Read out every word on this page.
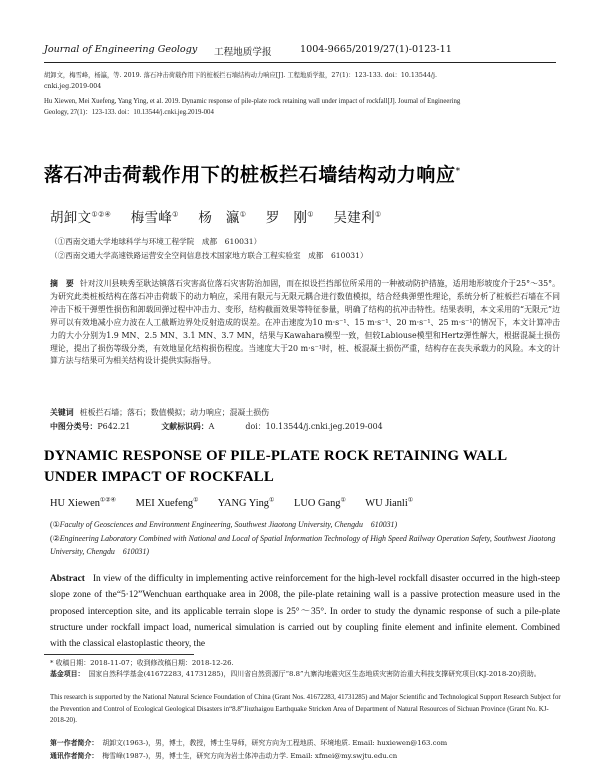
Journal of Engineering Geology 工程地质学报	1004-9665/2019/27(1)-0123-11
胡卸文，梅雪峰，杨瀛，等. 2019. 落石冲击荷载作用下的桩板拦石墙结构动力响应[J]. 工程地质学报，27(1)：123-133. doi：10.13544/j.
cnki.jeg.2019-004
Hu Xiewen, Mei Xuefeng, Yang Ying, et al. 2019. Dynamic response of pile-plate rock retaining wall under impact of rockfall[J]. Journal of Engineering
Geology, 27(1)：123-133. doi：10.13544/j.cnki.jeg.2019-004
落石冲击荷载作用下的桩板拦石墙结构动力响应*
胡卸文①②④ 梅雪峰① 杨　瀛① 罗　刚① 吴建利①
（①西南交通大学地球科学与环境工程学院　成都　610031）
（②西南交通大学高速铁路运营安全空间信息技术国家地方联合工程实验室　成都　610031）
摘　要 针对汶川县映秀至耿达镇落石灾害高位落石灾害防治加固，而在拟设拦挡部位所采用的一种被动防护措施，适用地形坡度介于25°～35°。为研究此类桩板结构在落石冲击荷载下的动力响应，采用有限元与无限元耦合进行数值模拟，结合经典弹塑性理论，系统分析了桩板拦石墙在不同冲击下板干弹塑性损伤和卸载回弹过程中冲击力、变形，结构截面效果等特征参量，明确了结构的抗冲击特性。结果表明，本文采用的“无限元”边界可以有效地减小应力波在人工截断边界处反射造成的误差。在冲击速度为10 m·s⁻¹、15 m·s⁻¹、20 m·s⁻¹、25 m·s⁻¹的情况下，本文计算冲击力的大小分别为1.9 MN、2.5 MN、3.1 MN、3.7 MN，结果与Kawahara模型一致，但较Labiouse模型和Hertz弹性解大，根据混凝土损伤理论，提出了损伤等级分类，有效地显化结构损伤程度。当速度大于20 m·s⁻¹时，桩、板混凝土损伤严重，结构存在丧失承载力的风险。本文的计算方法与结果可为相关结构设计提供实际指导。
关键词 桩板拦石墙；落石；数值模拟；动力响应；混凝土损伤
中图分类号：P642.21	文献标识码：A	doi：10.13544/j.cnki.jeg.2019-004
DYNAMIC RESPONSE OF PILE-PLATE ROCK RETAINING WALL UNDER IMPACT OF ROCKFALL
HU Xiewen①②④ MEI Xuefeng① YANG Ying① LUO Gang① WU Jianli①
(①Faculty of Geosciences and Environment Engineering, Southwest Jiaotong University, Chengdu　610031)
(②Engineering Laboratory Combined with National and Local of Spatial Information Technology of High Speed Railway Operation Safety, Southwest Jiaotong University, Chengdu　610031)
Abstract In view of the difficulty in implementing active reinforcement for the high-level rockfall disaster occurred in the high-steep slope zone of the“5·12”Wenchuan earthquake area in 2008, the pile-plate retaining wall is a passive protection measure used in the proposed interception site, and its applicable terrain slope is 25°～35°. In order to study the dynamic response of such a pile-plate structure under rockfall impact load, numerical simulation is carried out by coupling finite element and infinite element. Combined with the classical elastoplastic theory, the
* 收稿日期：2018-11-07；收到修改稿日期：2018-12-26.
基金项目： 国家自然科学基金(41672283, 41731285)，四川省自然资源厅“8.8”九寨沟地震灾区生态地质灾害防治重大科技支撑研究项目(KJ-2018-20)资助。
This research is supported by the National Natural Science Foundation of China (Grant Nos. 41672283, 41731285) and Major Scientific and Technological Support Research Subject for the Prevention and Control of Ecological Geological Disasters in“8.8”Jiuzhaigou Earthquake Stricken Area of Department of Natural Resources of Sichuan Province (Grant No. KJ-2018-20).
第一作者简介： 胡卸文(1963-)，男，博士，教授，博士生导师，研究方向为工程地质、环境地质. Email: huxiewen@163.com
通讯作者简介： 梅雪峰(1987-)，男，博士生，研究方向为岩土体冲击动力学. Email: xfmei@my.swjtu.edu.cn
